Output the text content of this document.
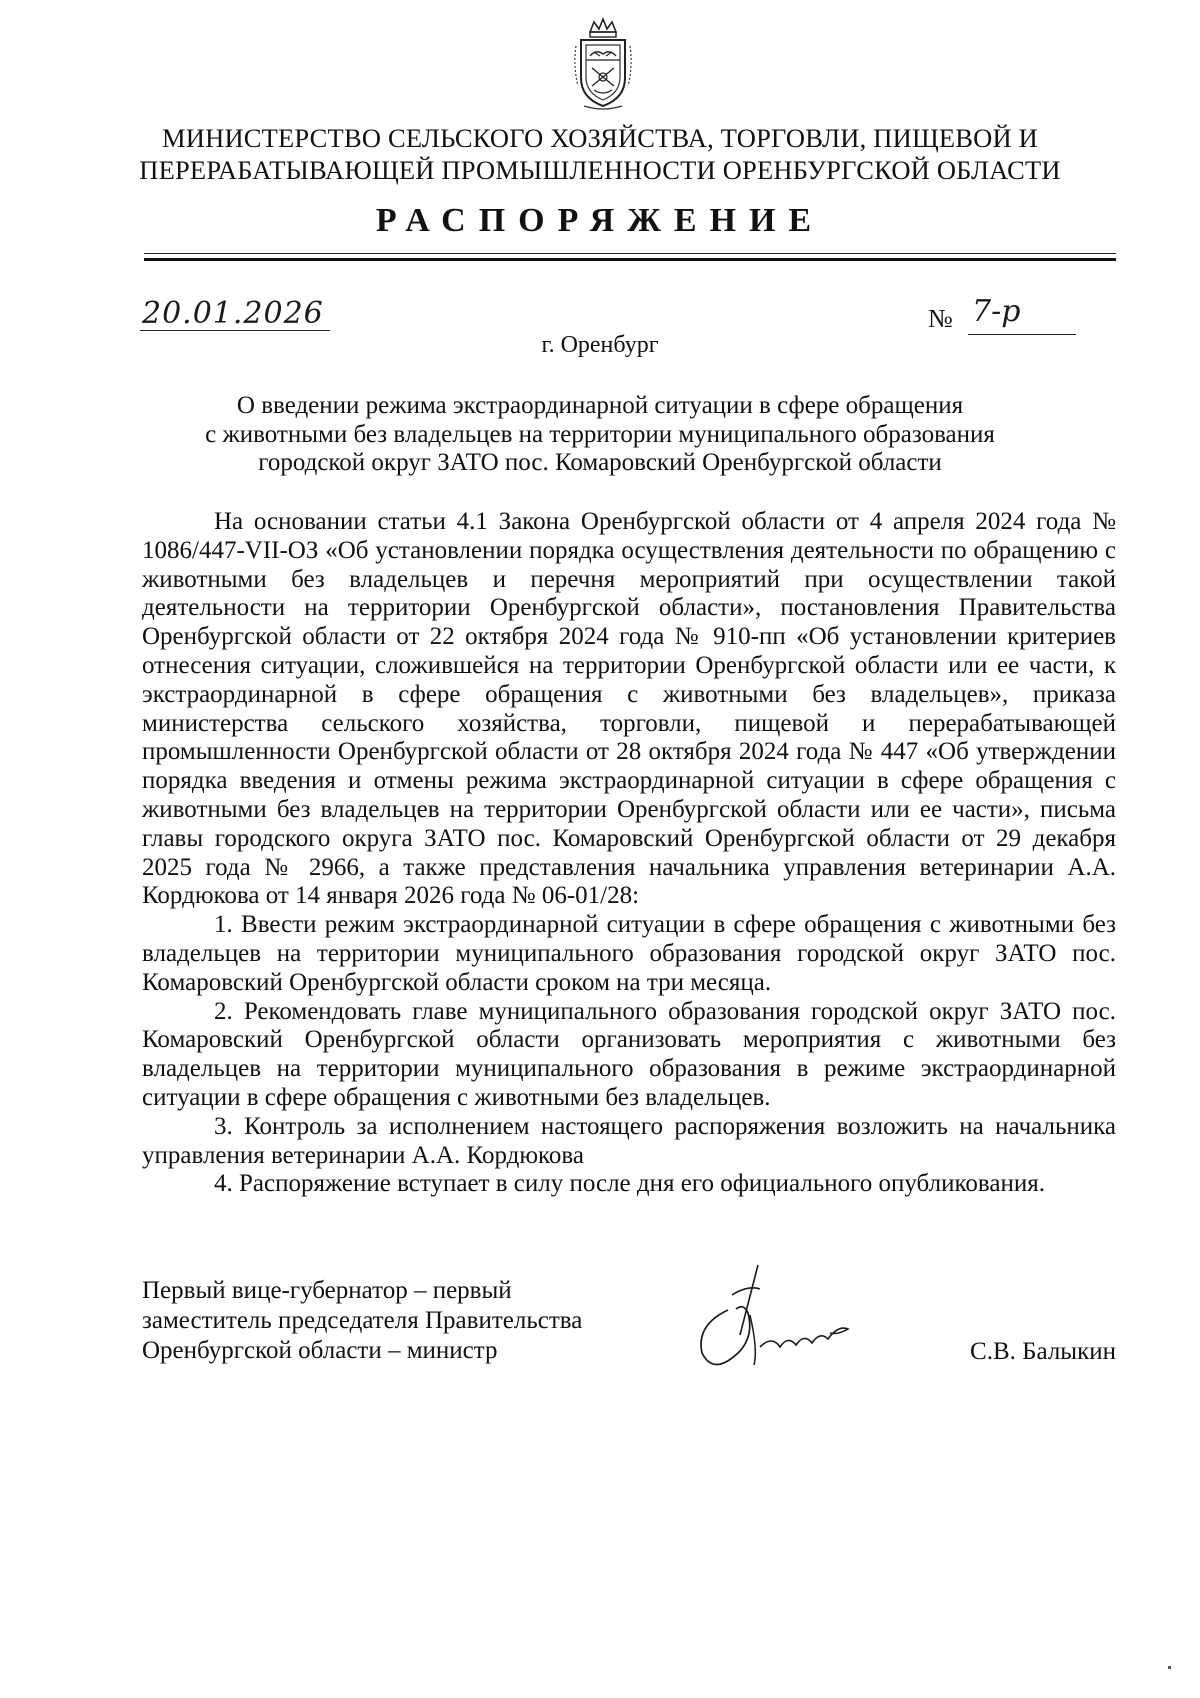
МИНИСТЕРСТВО СЕЛЬСКОГО ХОЗЯЙСТВА, ТОРГОВЛИ, ПИЩЕВОЙ И
ПЕРЕРАБАТЫВАЮЩЕЙ ПРОМЫШЛЕННОСТИ ОРЕНБУРГСКОЙ ОБЛАСТИ
РАСПОРЯЖЕНИЕ
20.01.2026	№ 7-р
г. Оренбург
О введении режима экстраординарной ситуации в сфере обращения
с животными без владельцев на территории муниципального образования
городской округ ЗАТО пос. Комаровский Оренбургской области

На основании статьи 4.1 Закона Оренбургской области от 4 апреля 2024 года № 1086/447-VII-ОЗ «Об установлении порядка осуществления деятельности по обращению с животными без владельцев и перечня мероприятий при осуществлении такой деятельности на территории Оренбургской области», постановления Правительства Оренбургской области от 22 октября 2024 года № 910-пп «Об установлении критериев отнесения ситуации, сложившейся на территории Оренбургской области или ее части, к экстраординарной в сфере обращения с животными без владельцев», приказа министерства сельского хозяйства, торговли, пищевой и перерабатывающей промышленности Оренбургской области от 28 октября 2024 года № 447 «Об утверждении порядка введения и отмены режима экстраординарной ситуации в сфере обращения с животными без владельцев на территории Оренбургской области или ее части», письма главы городского округа ЗАТО пос. Комаровский Оренбургской области от 29 декабря 2025 года № 2966, а также представления начальника управления ветеринарии А.А. Кордюкова от 14 января 2026 года № 06-01/28:

1. Ввести режим экстраординарной ситуации в сфере обращения с животными без владельцев на территории муниципального образования городской округ ЗАТО пос. Комаровский Оренбургской области сроком на три месяца.

2. Рекомендовать главе муниципального образования городской округ ЗАТО пос. Комаровский Оренбургской области организовать мероприятия с животными без владельцев на территории муниципального образования в режиме экстраординарной ситуации в сфере обращения с животными без владельцев.

3. Контроль за исполнением настоящего распоряжения возложить на начальника управления ветеринарии А.А. Кордюкова

4. Распоряжение вступает в силу после дня его официального опубликования.

Первый вице-губернатор – первый
заместитель председателя Правительства
Оренбургской области – министр	С.В. Балыкин
